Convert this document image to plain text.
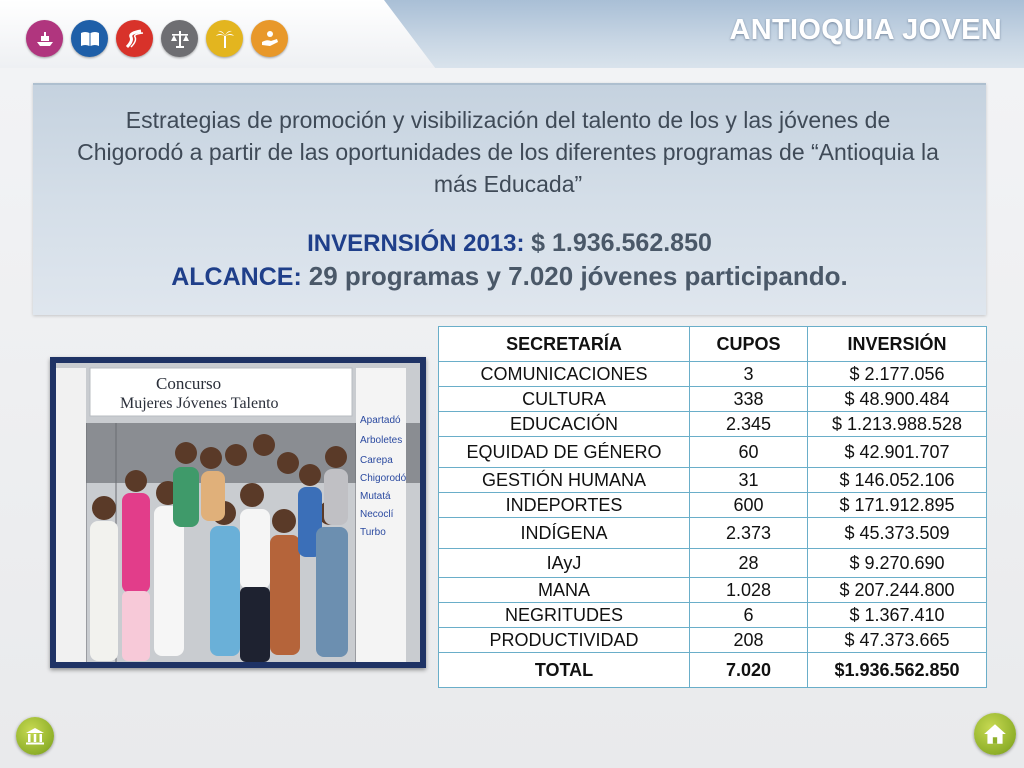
ANTIOQUIA JOVEN
Estrategias de promoción y visibilización del talento de los y las jóvenes de Chigorodó a partir de las oportunidades de los diferentes programas de “Antioquia la más Educada”
INVERNSIÓN 2013: $ 1.936.562.850
ALCANCE: 29 programas y 7.020 jóvenes participando.
Concurso
Mujeres Jóvenes Talento
Apartadó
Arboletes
Carepa
Chigorodó
Mutatá
Necoclí
Turbo
SECRETARÍA	CUPOS	INVERSIÓN
COMUNICACIONES	3	$ 2.177.056
CULTURA	338	$ 48.900.484
EDUCACIÓN	2.345	$ 1.213.988.528
EQUIDAD DE GÉNERO	60	$ 42.901.707
GESTIÓN HUMANA	31	$ 146.052.106
INDEPORTES	600	$ 171.912.895
INDÍGENA	2.373	$ 45.373.509
IAyJ	28	$ 9.270.690
MANA	1.028	$ 207.244.800
NEGRITUDES	6	$ 1.367.410
PRODUCTIVIDAD	208	$ 47.373.665
TOTAL	7.020	$1.936.562.850
